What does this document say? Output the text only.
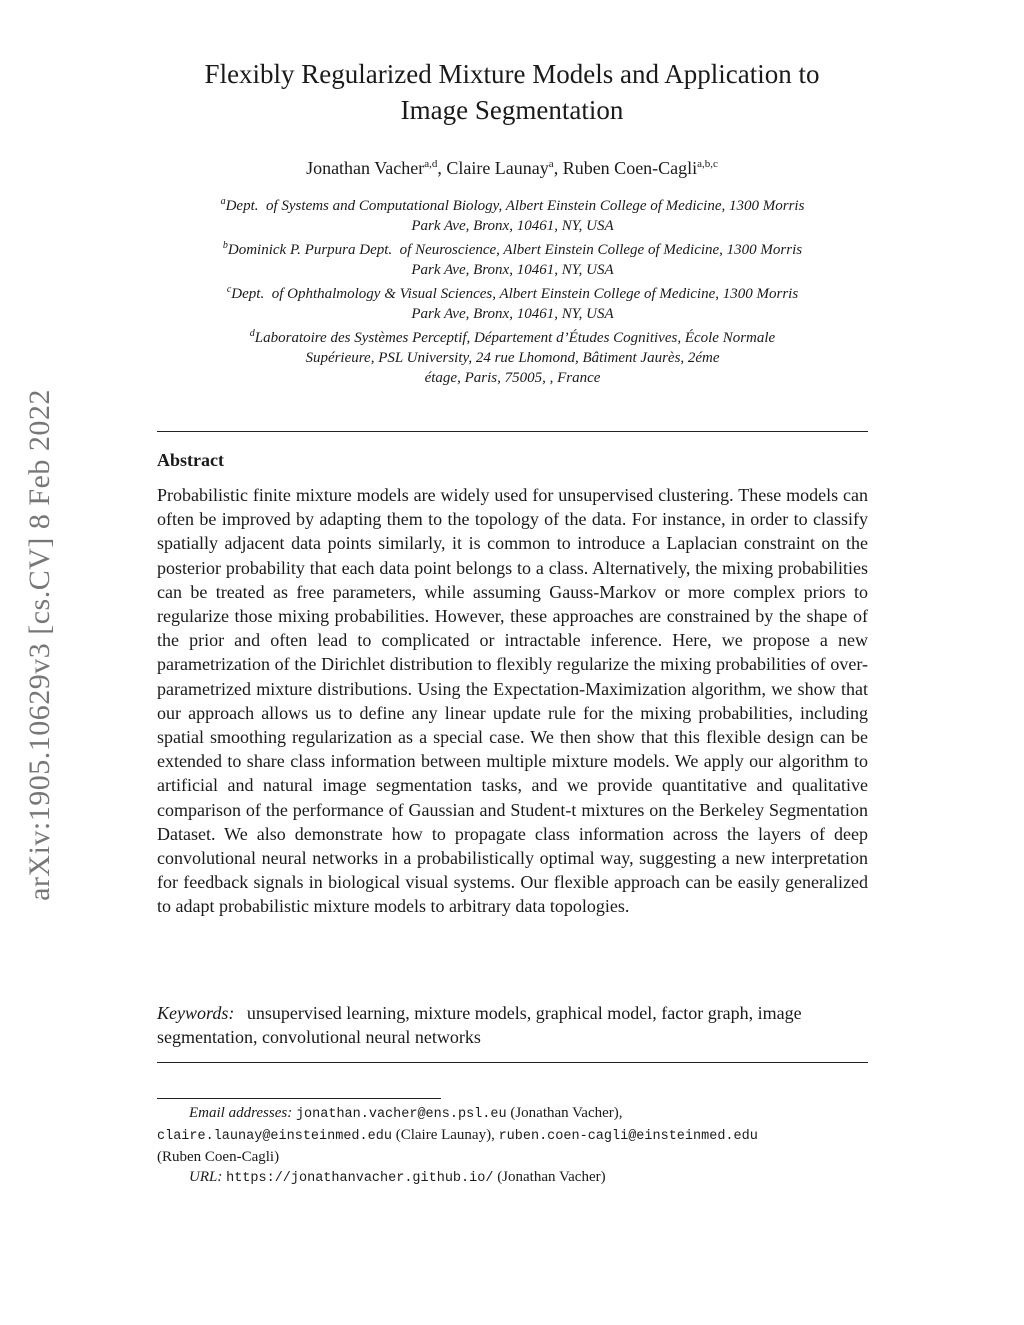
arXiv:1905.10629v3 [cs.CV] 8 Feb 2022
Flexibly Regularized Mixture Models and Application to
Image Segmentation
Jonathan Vacher$^{a,d}$, Claire Launay$^a$, Ruben Coen-Cagli$^{a,b,c}$
$^a$Dept.  of Systems and Computational Biology, Albert Einstein College of Medicine, 1300 Morris
Park Ave, Bronx, 10461, NY, USA
$^b$Dominick P. Purpura Dept.  of Neuroscience, Albert Einstein College of Medicine, 1300 Morris
Park Ave, Bronx, 10461, NY, USA
$^c$Dept.  of Ophthalmology & Visual Sciences, Albert Einstein College of Medicine, 1300 Morris
Park Ave, Bronx, 10461, NY, USA
$^d$Laboratoire des Systèmes Perceptif, Département d’Études Cognitives, École Normale
Supérieure, PSL University, 24 rue Lhomond, Bâtiment Jaurès, 2éme
étage, Paris, 75005, , France
Abstract

Probabilistic finite mixture models are widely used for unsupervised clustering. These models can often be improved by adapting them to the topology of the data. For instance, in order to classify spatially adjacent data points similarly, it is common to introduce a Laplacian constraint on the posterior probability that each data point belongs to a class. Alternatively, the mixing probabilities can be treated as free parameters, while assuming Gauss-Markov or more complex priors to regularize those mixing probabilities. However, these approaches are constrained by the shape of the prior and often lead to complicated or intractable inference. Here, we propose a new parametrization of the Dirichlet distribution to flexibly regularize the mixing probabilities of over-parametrized mixture distributions. Using the Expectation-Maximization algorithm, we show that our approach allows us to define any linear update rule for the mixing probabilities, including spatial smoothing regularization as a special case. We then show that this flexible design can be extended to share class information between multiple mixture models. We apply our algorithm to artificial and natural image segmentation tasks, and we provide quantitative and qualitative comparison of the performance of Gaussian and Student-t mixtures on the Berkeley Segmentation Dataset. We also demonstrate how to propagate class information across the layers of deep convolutional neural networks in a probabilistically optimal way, suggesting a new interpretation for feedback signals in biological visual systems. Our flexible approach can be easily generalized to adapt probabilistic mixture models to arbitrary data topologies.

Keywords: unsupervised learning, mixture models, graphical model, factor graph, image segmentation, convolutional neural networks

Email addresses: jonathan.vacher@ens.psl.eu (Jonathan Vacher),
claire.launay@einsteinmed.edu (Claire Launay), ruben.coen-cagli@einsteinmed.edu
(Ruben Coen-Cagli)
URL: https://jonathanvacher.github.io/ (Jonathan Vacher)
